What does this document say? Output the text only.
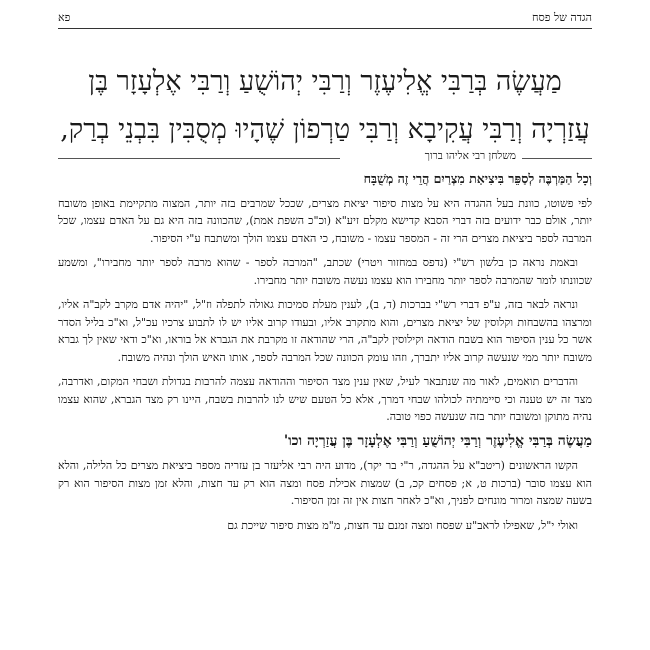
הגדה של פסח
פא
מַעֲשֶׂה בְּרַבִּי אֱלִיעֶזֶר וְרַבִּי יְהוֹשֻׁעַ וְרַבִּי אֶלְעָזָר בֶּן
עֲזַרְיָה וְרַבִּי עֲקִיבָא וְרַבִּי טַרְפוֹן שֶׁהָיוּ מְסֻבִּין בִּבְנֵי בְרַק,
משלחן רבי אליהו ברוך

וְכָל הַמַּרְבֶּה לְסַפֵּר בִּיצִיאַת מִצְרַיִם הֲרֵי זֶה מְשֻׁבָּח

לפי פשוטו, כוונת בעל ההגדה היא על מצות סיפור יציאת מצרים, שככל שמרבים בזה יותר, המצוה מתקיימת באופן משובח יותר, אולם כבר ידועים בזה דברי הסבא קדישא מקלם זיע"א (וכ"כ השפת אמת), שהכוונה בזה היא גם על האדם עצמו, שכל המרבה לספר ביציאת מצרים הרי זה - המספר עצמו - משובח, כי האדם עצמו הולך ומשתבח ע"י הסיפור.

ובאמת נראה כן בלשון רש"י (נדפס במחזור ויטרי) שכתב, "המרבה לספר - שהוא מרבה לספר יותר מחבירו", ומשמע שכוונתו לומר שהמרבה לספר יותר מחבירו הוא עצמו נעשה משובח יותר מחבירו.

ונראה לבאר בזה, ע"פ דברי רש"י בברכות (ד, ב), לענין מעלת סמיכות גאולה לתפלה וז"ל, "יהיה אדם מקרב לקב"ה אליו, ומרצהו בהשבחות וקלוסין של יציאת מצרים, והוא מתקרב אליו, ובעודו קרוב אליו יש לו לתבוע צרכיו עכ"ל, וא"כ בליל הסדר אשר כל ענין הסיפור הוא בשבח הודאה וקילוסין לקב"ה, הרי שהודאה זו מקרבת את הגברא אל בוראו, וא"כ ודאי שאין לך גברא משובח יותר ממי שנעשה קרוב אליו יתברך, וזהו עומק הכוונה שכל המרבה לספר, אותו האיש הולך ונהיה משובח.

והדברים תואמים, לאור מה שנתבאר לעיל, שאין ענין מצד הסיפור וההודאה עצמה להרבות בגדולת ושבחי המקום, ואדרבה, מצד זה יש טענה וכי סיימתיה לכולהו שבחי דמרך, אלא כל הטעם שיש לנו להרבות בשבח, היינו רק מצד הגברא, שהוא עצמו נהיה מתוקן ומשובח יותר בזה שנעשה כפוי טובה.

מַעֲשֶׂה בְּרַבִּי אֱלִיעֶזֶר וְרַבִּי יְהוֹשֻׁעַ וְרַבִּי אֶלְעָזָר בֶּן עֲזַרְיָה וכו'

הקשו הראשונים (ריטב"א על ההגדה, ר"י בר יקר), מדוע היה רבי אליעזר בן עזריה מספר ביציאת מצרים כל הלילה, והלא הוא עצמו סובר (ברכות ט, א; פסחים קכ, ב) שמצות אכילת פסח ומצה הוא רק עד חצות, והלא זמן מצות הסיפור הוא רק בשעה שמצה ומרור מונחים לפניך, וא"כ לאחר חצות אין זה זמן הסיפור.

ואולי י"ל, שאפילו לראב"ע שפסח ומצה זמנם עד חצות, מ"מ מצות סיפור שייכת גם
